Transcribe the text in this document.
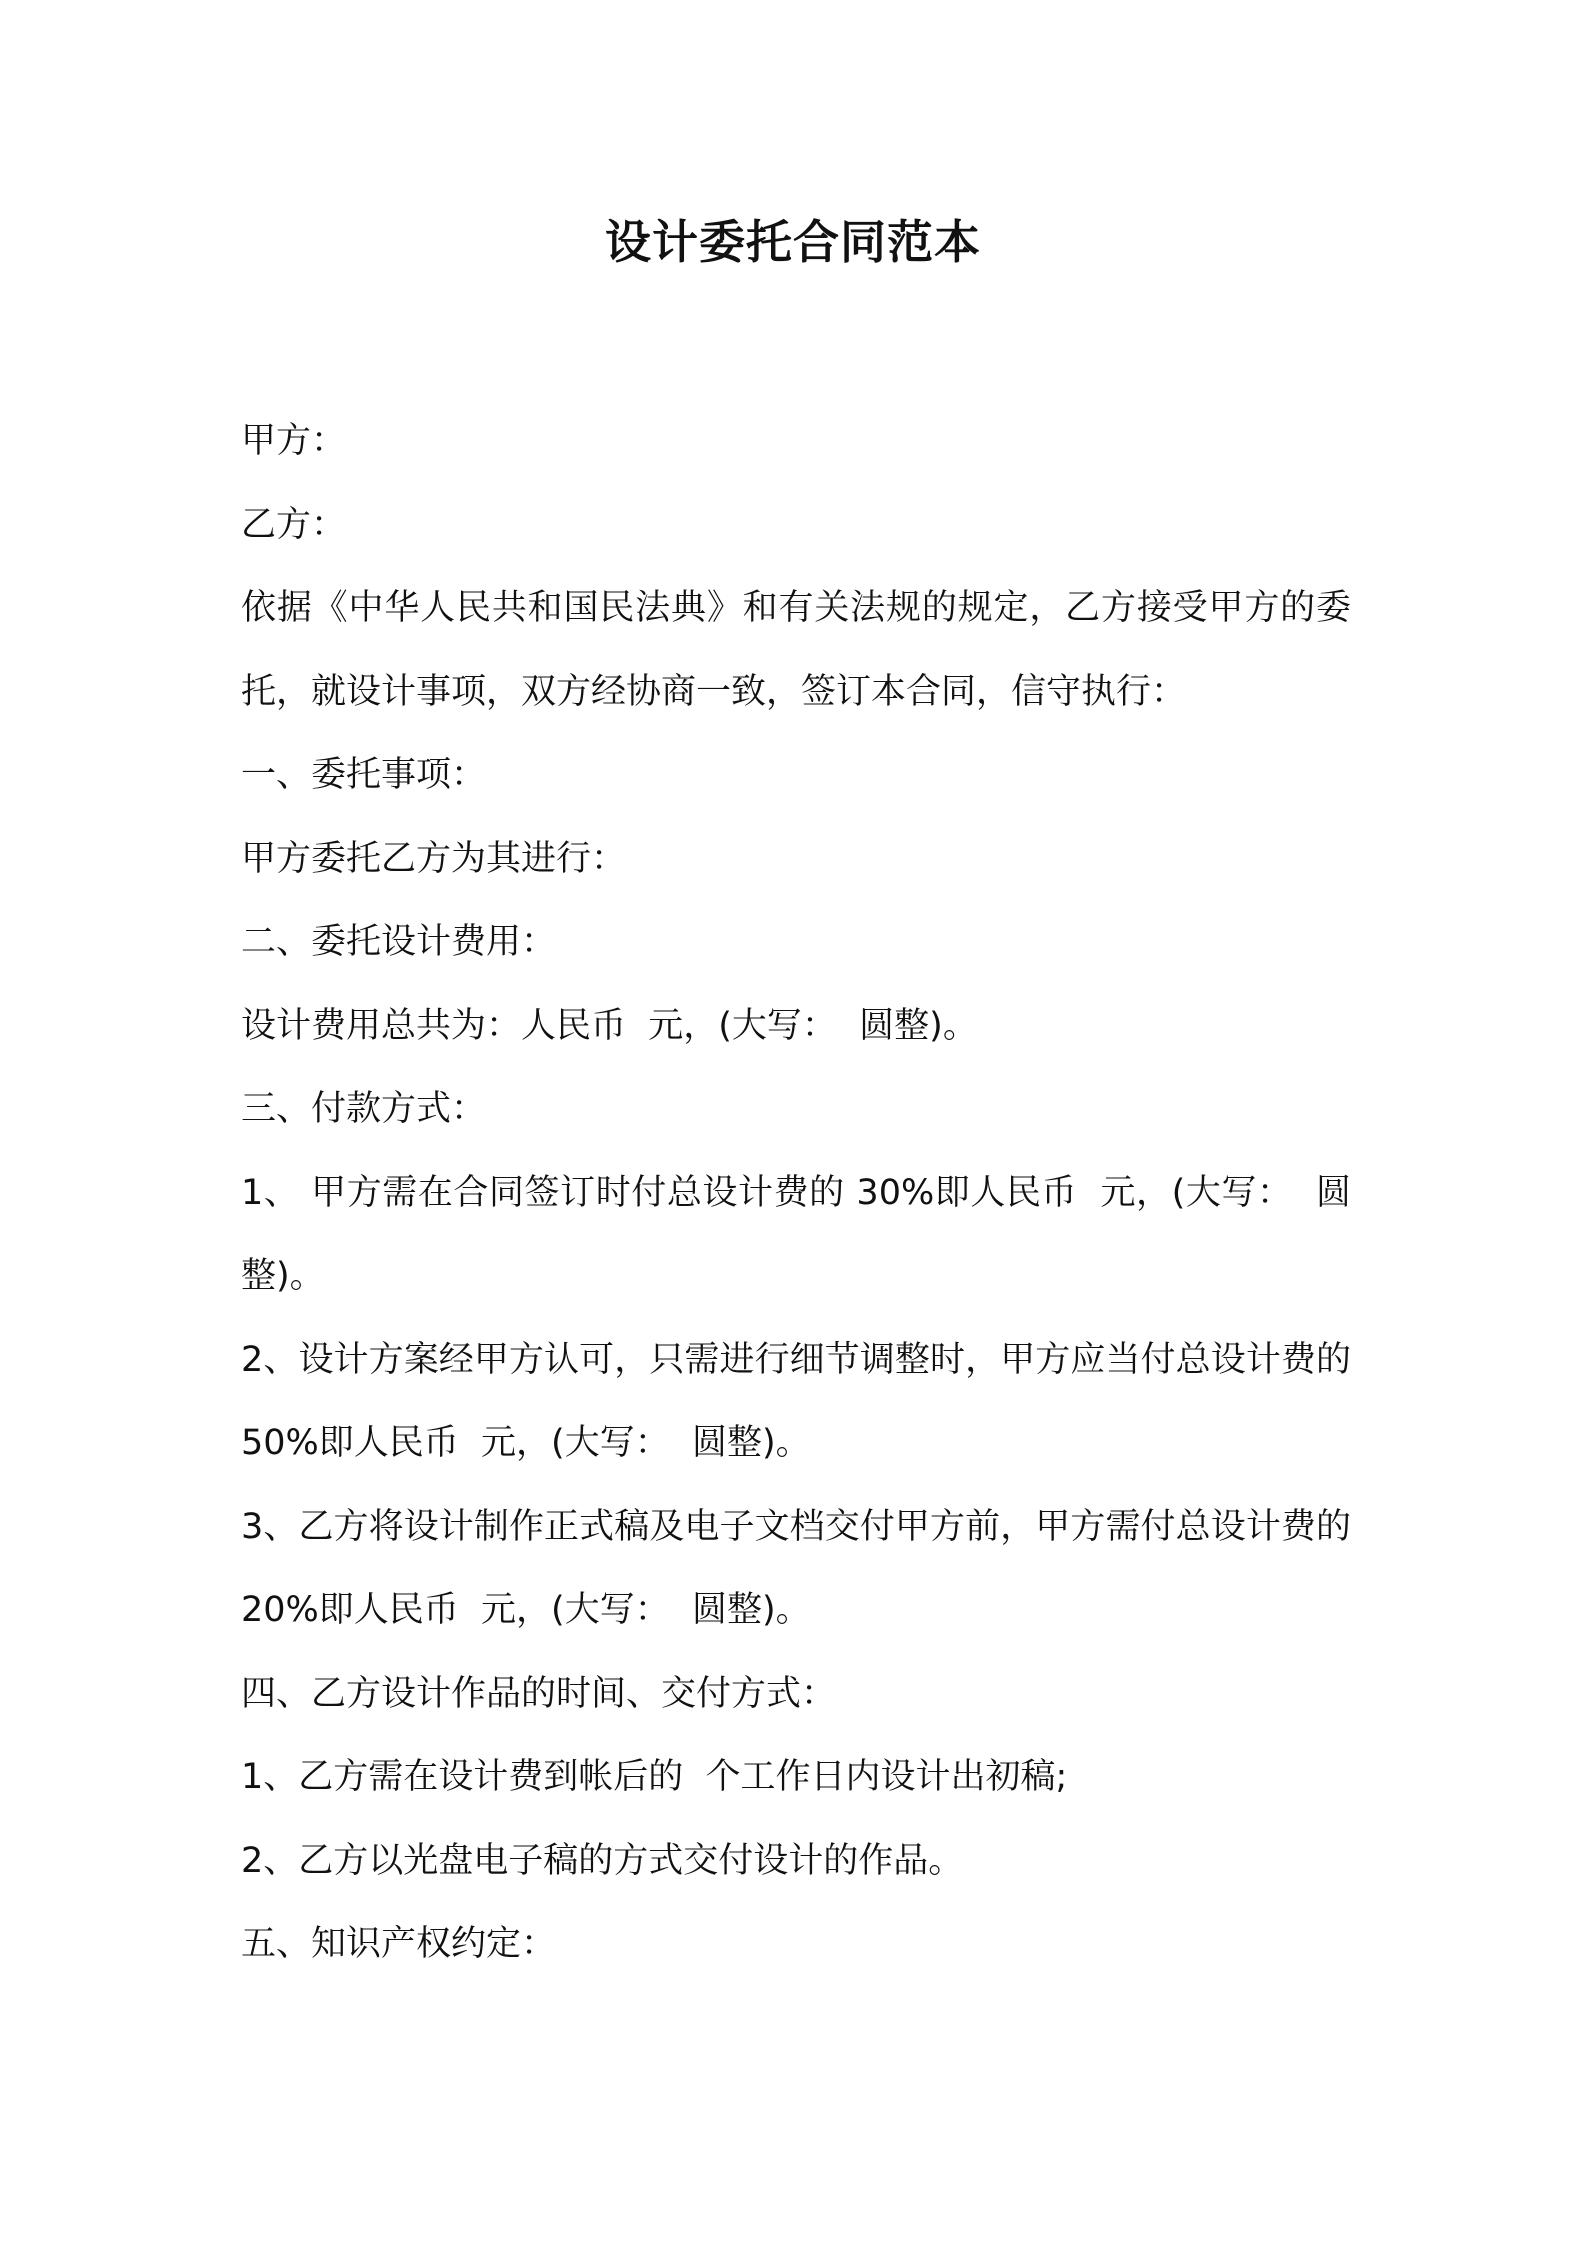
设计委托合同范本

甲方：

乙方：

依据《中华人民共和国民法典》和有关法规的规定，乙方接受甲方的委托，就设计事项，双方经协商一致，签订本合同，信守执行：

一、委托事项：

甲方委托乙方为其进行：

二、委托设计费用：

设计费用总共为：人民币  元，(大写：  圆整)。

三、付款方式：

1、 甲方需在合同签订时付总设计费的 30%即人民币  元，(大写：  圆整)。

2、设计方案经甲方认可，只需进行细节调整时，甲方应当付总设计费的 50%即人民币  元，(大写：  圆整)。

3、乙方将设计制作正式稿及电子文档交付甲方前，甲方需付总设计费的 20%即人民币  元，(大写：  圆整)。

四、乙方设计作品的时间、交付方式：

1、乙方需在设计费到帐后的  个工作日内设计出初稿;

2、乙方以光盘电子稿的方式交付设计的作品。

五、知识产权约定：
